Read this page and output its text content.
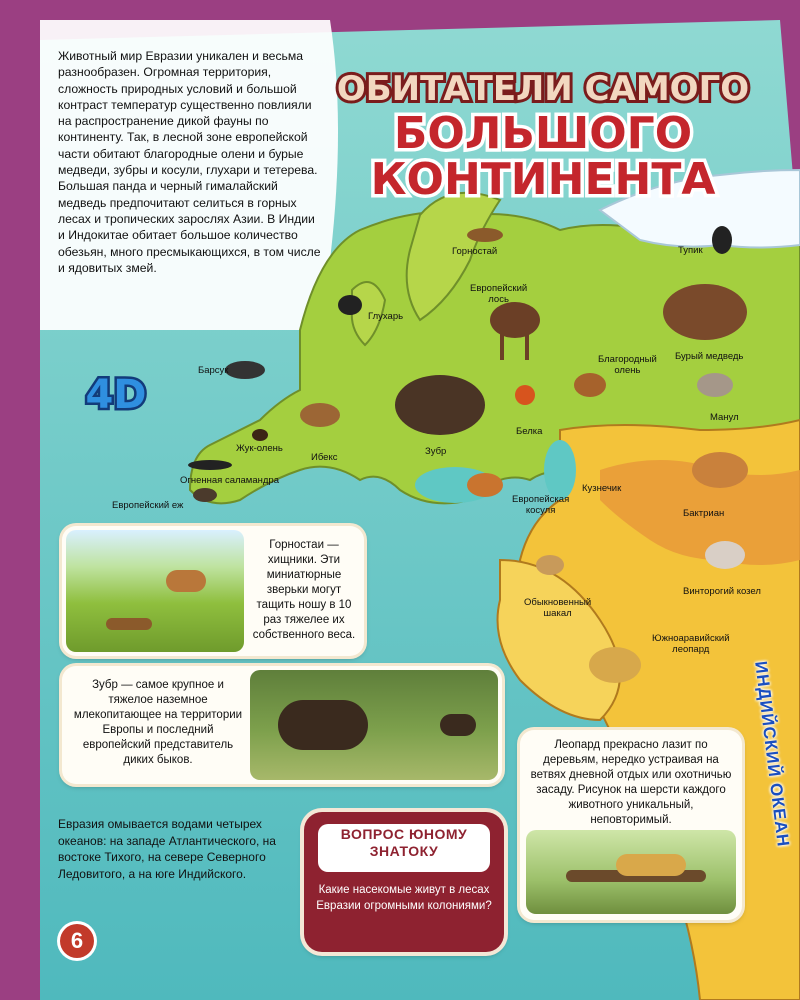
Животный мир Евразии уникален и весьма разнообразен. Огромная территория, сложность природных условий и большой контраст температур существенно повлияли на распространение дикой фауны по континенту. Так, в лесной зоне европейской части обитают благородные олени и бурые медведи, зубры и косули, глухари и тетерева. Большая панда и черный гималайский медведь предпочитают селиться в горных лесах и тропических зарослях Азии. В Индии и Индокитае обитает большое количество обезьян, много пресмыкающихся, в том числе и ядовитых змей.
ОБИТАТЕЛИ САМОГО
БОЛЬШОГО
КОНТИНЕНТА
4D
Горностай	Тупик
Европейский
лось
Глухарь
Барсук
Благородный
олень
Бурый медведь
Манул
Белка
Жук-олень
Ибекс
Зубр
Огненная саламандра
Европейский еж
Кузнечик
Европейская
косуля	Бактриан
Винторогий козел
Обыкновенный
шакал
Южноаравийский
леопард
ИНДИЙСКИЙ ОКЕАН
Горностаи — хищники. Эти миниатюрные зверьки могут тащить ношу в 10 раз тяжелее их собственного веса.
Зубр — самое крупное и тяжелое наземное млекопитающее на территории Европы и последний европейский представитель диких быков.
Леопард прекрасно лазит по деревьям, нередко устраивая на ветвях дневной отдых или охотничью засаду. Рисунок на шерсти каждого животного уникальный, неповторимый.
Евразия омывается водами четырех океанов: на западе Атлантического, на востоке Тихого, на севере Северного Ледовитого, а на юге Индийского.
ВОПРОС ЮНОМУ ЗНАТОКУ
Какие насекомые живут в лесах Евразии огромными колониями?
6
